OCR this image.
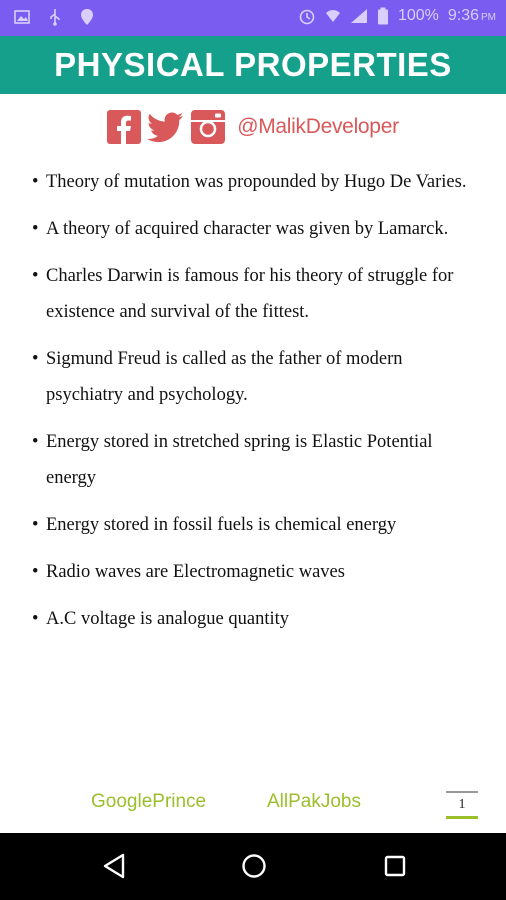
100% 9:36 PM
PHYSICAL PROPERTIES
@MalikDeveloper
• Theory of mutation was propounded by Hugo De Varies.
• A theory of acquired character was given by Lamarck.
• Charles Darwin is famous for his theory of struggle for existence and survival of the fittest.
• Sigmund Freud is called as the father of modern psychiatry and psychology.
• Energy stored in stretched spring is Elastic Potential energy
• Energy stored in fossil fuels is chemical energy
• Radio waves are Electromagnetic waves
• A.C voltage is analogue quantity
GooglePrince	AllPakJobs	1
